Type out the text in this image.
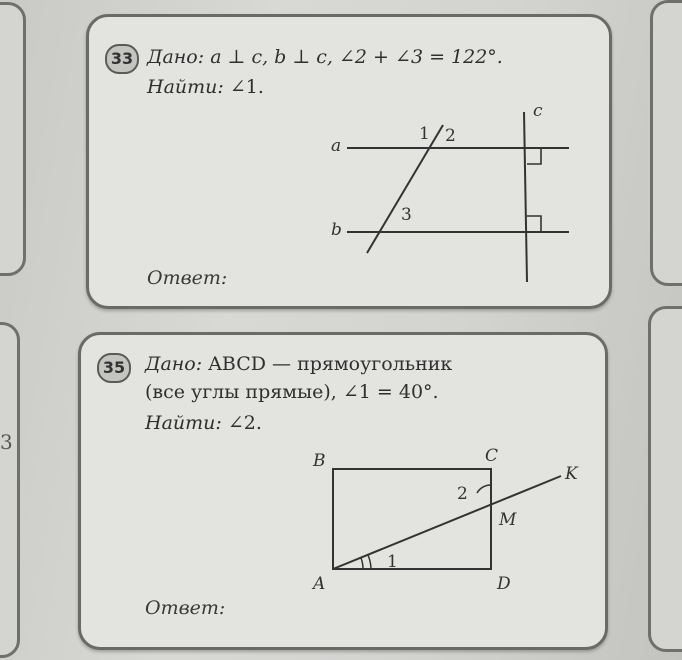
3

33 Дано: a ⊥ c, b ⊥ c, ∠2 + ∠3 = 122°.
Найти: ∠1.
a
b
c
1 2
3
Ответ:
35	Дано: ABCD — прямоугольник
(все углы прямые), ∠1 = 40°.
Найти: ∠2.
B	C
K
M
A	D
1
2
Ответ:
